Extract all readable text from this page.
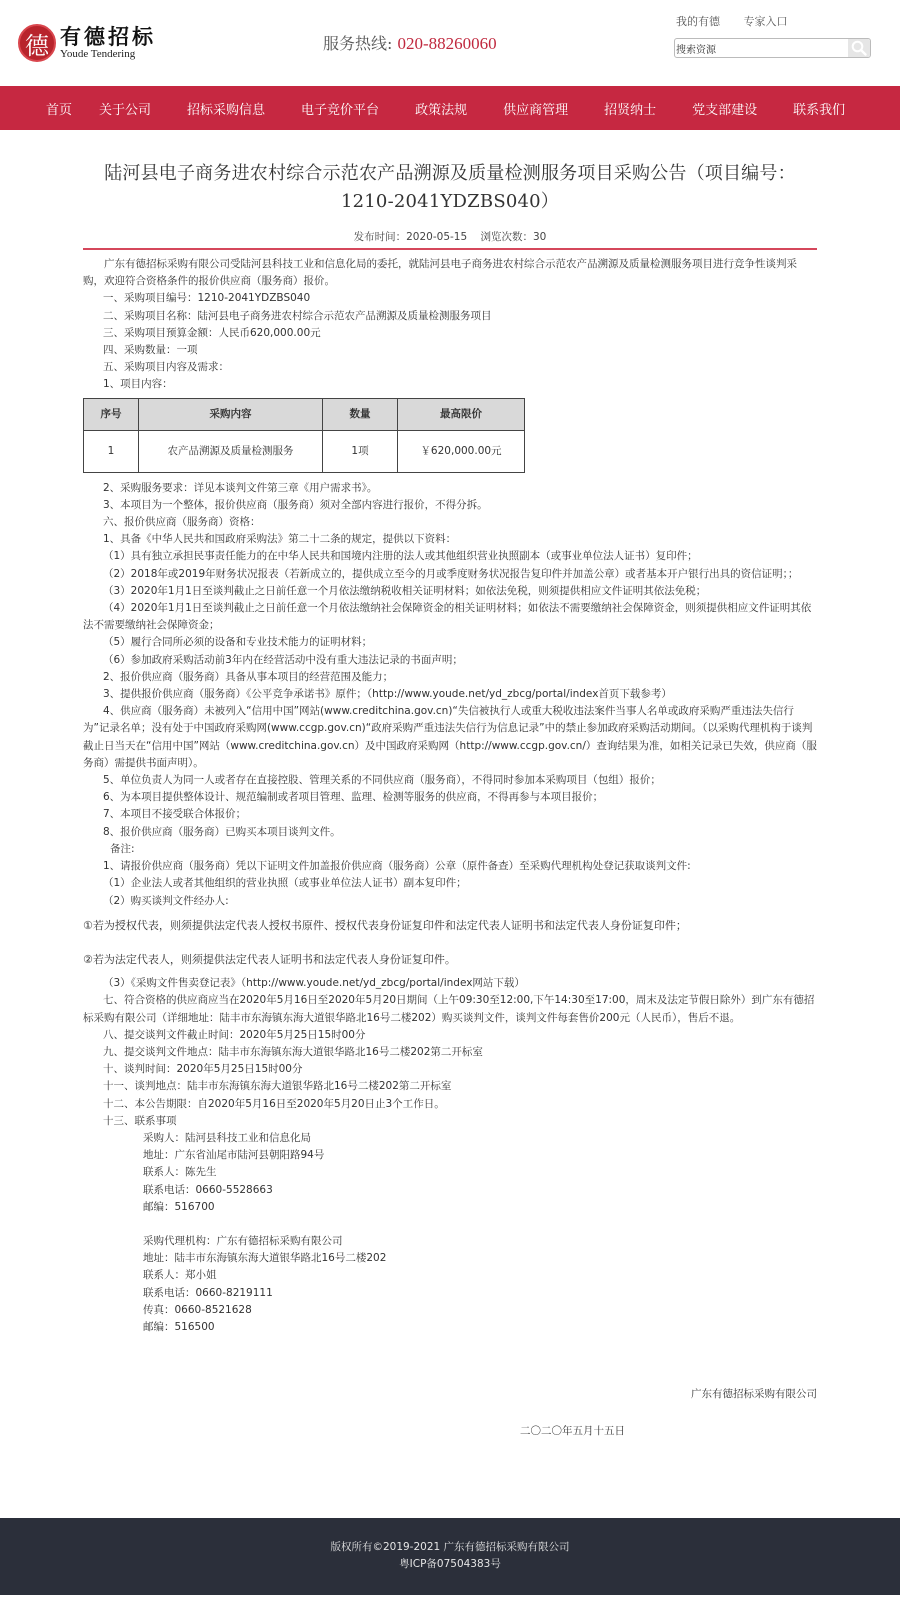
德 有德招标
Youde Tendering
服务热线: 020-88260060
我的有德 专家入口
搜索资源
首页 关于公司	招标采购信息	电子竞价平台	政策法规	供应商管理	招贤纳士	党支部建设	联系我们
陆河县电子商务进农村综合示范农产品溯源及质量检测服务项目采购公告（项目编号：
1210-2041YDZBS040）
发布时间：2020-05-15 浏览次数：30

广东有德招标采购有限公司受陆河县科技工业和信息化局的委托，就陆河县电子商务进农村综合示范农产品溯源及质量检测服务项目进行竞争性谈判采购，欢迎符合资格条件的报价供应商（服务商）报价。

一、采购项目编号：1210-2041YDZBS040

二、采购项目名称：陆河县电子商务进农村综合示范农产品溯源及质量检测服务项目

三、采购项目预算金额：人民币620,000.00元

四、采购数量：一项

五、采购项目内容及需求：

1、项目内容：

序号	采购内容	数量	最高限价
1	农产品溯源及质量检测服务	1项	￥620,000.00元

2、采购服务要求：详见本谈判文件第三章《用户需求书》。

3、本项目为一个整体，报价供应商（服务商）须对全部内容进行报价，不得分拆。

六、报价供应商（服务商）资格：

1、具备《中华人民共和国政府采购法》第二十二条的规定，提供以下资料：

（1）具有独立承担民事责任能力的在中华人民共和国境内注册的法人或其他组织营业执照副本（或事业单位法人证书）复印件；

（2）2018年或2019年财务状况报表（若新成立的，提供成立至今的月或季度财务状况报告复印件并加盖公章）或者基本开户银行出具的资信证明；；

（3）2020年1月1日至谈判截止之日前任意一个月依法缴纳税收相关证明材料；如依法免税，则须提供相应文件证明其依法免税；

（4）2020年1月1日至谈判截止之日前任意一个月依法缴纳社会保障资金的相关证明材料；如依法不需要缴纳社会保障资金，则须提供相应文件证明其依法不需要缴纳社会保障资金；

（5）履行合同所必须的设备和专业技术能力的证明材料；

（6）参加政府采购活动前3年内在经营活动中没有重大违法记录的书面声明；

2、报价供应商（服务商）具备从事本项目的经营范围及能力；

3、提供报价供应商（服务商）《公平竞争承诺书》原件；（http://www.youde.net/yd_zbcg/portal/index首页下载参考）

4、供应商（服务商）未被列入“信用中国”网站(www.creditchina.gov.cn)“失信被执行人或重大税收违法案件当事人名单或政府采购严重违法失信行为”记录名单；没有处于中国政府采购网(www.ccgp.gov.cn)“政府采购严重违法失信行为信息记录”中的禁止参加政府采购活动期间。（以采购代理机构于谈判截止日当天在“信用中国”网站（www.creditchina.gov.cn）及中国政府采购网（http://www.ccgp.gov.cn/）查询结果为准，如相关记录已失效，供应商（服务商）需提供书面声明）。

5、单位负责人为同一人或者存在直接控股、管理关系的不同供应商（服务商），不得同时参加本采购项目（包组）报价；

6、为本项目提供整体设计、规范编制或者项目管理、监理、检测等服务的供应商，不得再参与本项目报价；

7、本项目不接受联合体报价；

8、报价供应商（服务商）已购买本项目谈判文件。

备注:

1、请报价供应商（服务商）凭以下证明文件加盖报价供应商（服务商）公章（原件备查）至采购代理机构处登记获取谈判文件:

（1）企业法人或者其他组织的营业执照（或事业单位法人证书）副本复印件；

（2）购买谈判文件经办人:

①若为授权代表，则须提供法定代表人授权书原件、授权代表身份证复印件和法定代表人证明书和法定代表人身份证复印件；

②若为法定代表人，则须提供法定代表人证明书和法定代表人身份证复印件。

（3）《采购文件售卖登记表》（http://www.youde.net/yd_zbcg/portal/index网站下载）

七、符合资格的供应商应当在2020年5月16日至2020年5月20日期间（上午09:30至12:00,下午14:30至17:00，周末及法定节假日除外）到广东有德招标采购有限公司（详细地址：陆丰市东海镇东海大道银华路北16号二楼202）购买谈判文件，谈判文件每套售价200元（人民币），售后不退。

八、提交谈判文件截止时间：2020年5月25日15时00分

九、提交谈判文件地点：陆丰市东海镇东海大道银华路北16号二楼202第二开标室

十、谈判时间：2020年5月25日15时00分

十一、谈判地点：陆丰市东海镇东海大道银华路北16号二楼202第二开标室

十二、本公告期限：自2020年5月16日至2020年5月20日止3个工作日。

十三、联系事项

采购人：陆河县科技工业和信息化局

地址：广东省汕尾市陆河县朝阳路94号

联系人：陈先生

联系电话：0660-5528663

邮编：516700

采购代理机构：广东有德招标采购有限公司

地址：陆丰市东海镇东海大道银华路北16号二楼202

联系人：郑小姐

联系电话：0660-8219111

传真：0660-8521628

邮编：516500

广东有德招标采购有限公司

二〇二〇年五月十五日

版权所有©2019-2021 广东有德招标采购有限公司
粤ICP备07504383号
